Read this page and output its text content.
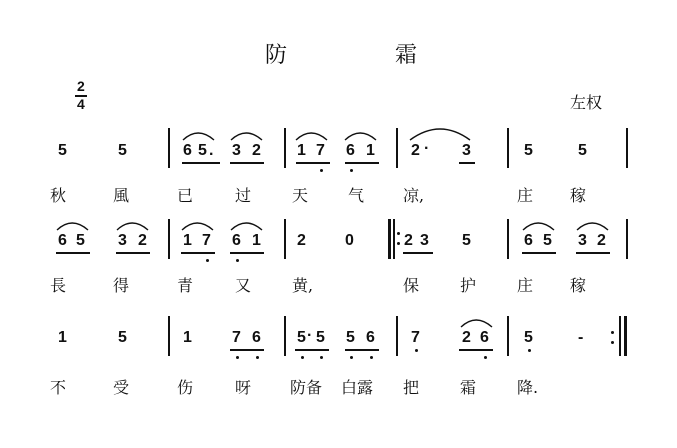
防	霜
2
4	左权
5	5	6 5 . 3 2 1 7 6 1 2 · 3	5	5
秋	風	已	过	天 气 凉,	庄 稼
6 5 3 2 1 7 6 1 2 0	2 3 5	6 5 3 2
長	得	青	又	黄,	保	护	庄 稼
1	5	1	7 6 5 · 5 5 6 7	2 6 5	-
不	受	伤	呀 防备 白露 把	霜	降.
